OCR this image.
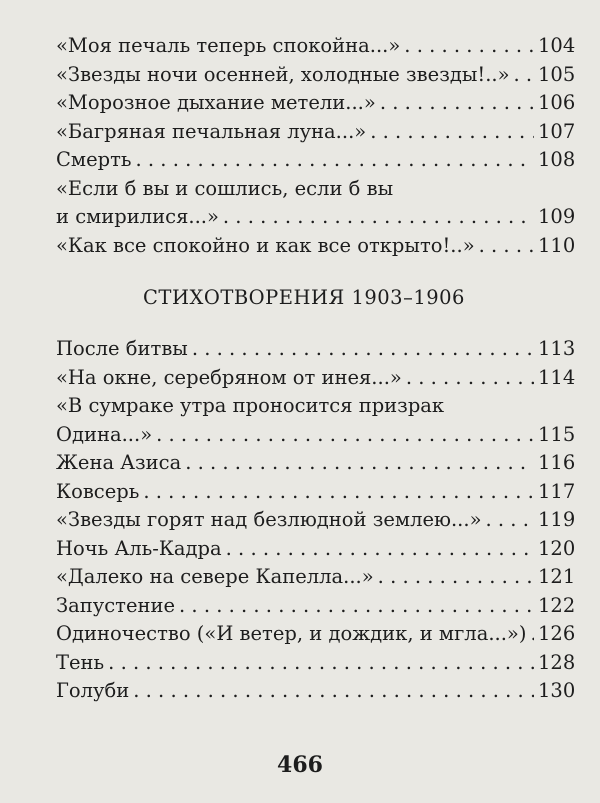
«Моя печаль теперь спокойна...» . . .	104
«Звезды ночи осенней, холодные звезды!..» . . . 105
«Морозное дыхание метели...» . . .	106
«Багряная печальная луна...» . . .	107
Смерть . . .	108
«Если б вы и сошлись, если б вы
и смирилися...» . . .	109
«Как все спокойно и как все открыто!..» . . .	110
СТИХОТВОРЕНИЯ 1903–1906
После битвы . . .	113
«На окне, серебряном от инея...» . . .	114
«В сумраке утра проносится призрак
Одина...» . . .	115
Жена Азиса . . .	116
Ковсерь . . .	117
«Звезды горят над безлюдной землею...» . . .	119
Ночь Аль-Кадра . . .	120
«Далеко на севере Капелла...» . . .	121
Запустение . . .	122
Одиночество («И ветер, и дождик, и мгла...») . . . 126
Тень . . .	128
Голуби . . .	130
466
